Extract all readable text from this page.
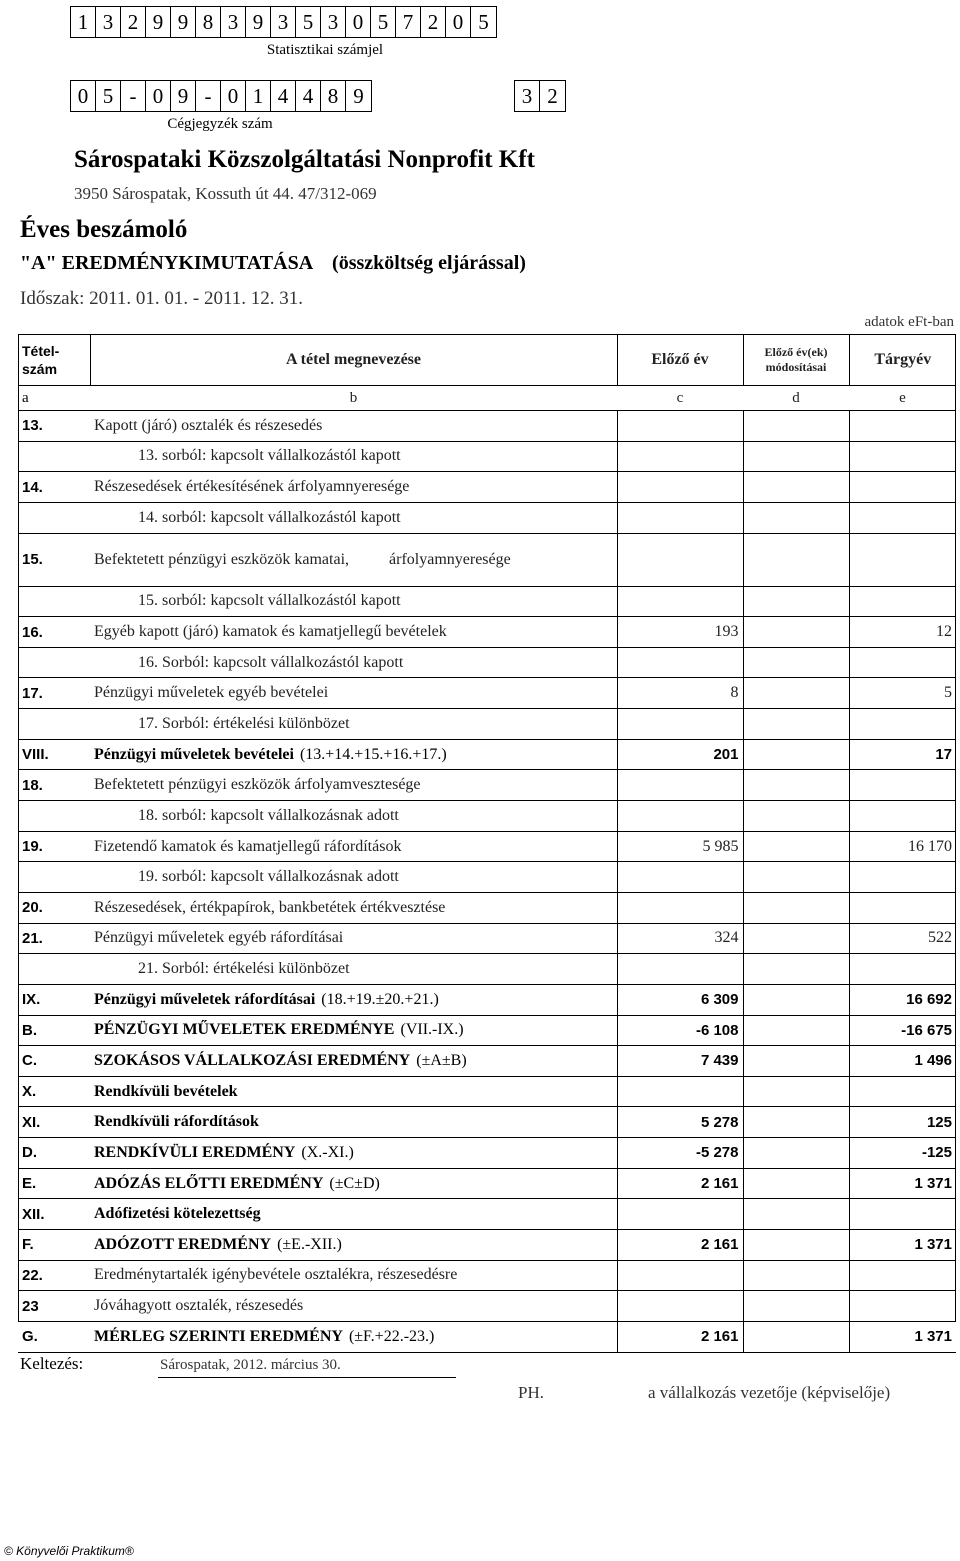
1 3 2 9 9 8 3 9 3 5 3 0 5 7 2 0 5
Statisztikai számjel
0 5 - 0 9 - 0 1 4 4 8 9	3 2
Cégjegyzék szám
Sárospataki Közszolgáltatási Nonprofit Kft
3950 Sárospatak, Kossuth út 44. 47/312-069
Éves beszámoló
"A" EREDMÉNYKIMUTATÁSA (összköltség eljárással)
Időszak: 2011. 01. 01. - 2011. 12. 31.
adatok eFt-ban
Tétel-
szám	A tétel megnevezése	Előző év	Előző év(ek)
módosításai	Tárgyév
a	b	c	d	e
13.	Kapott (járó) osztalék és részesedés			
	13. sorból: kapcsolt vállalkozástól kapott			
14.	Részesedések értékesítésének árfolyamnyeresége			
	14. sorból: kapcsolt vállalkozástól kapott			
15.	Befektetett pénzügyi eszközök kamatai, árfolyamnyeresége			
	15. sorból: kapcsolt vállalkozástól kapott			
16.	Egyéb kapott (járó) kamatok és kamatjellegű bevételek	193		12
	16. Sorból: kapcsolt vállalkozástól kapott			
17.	Pénzügyi műveletek egyéb bevételei	8		5
	17. Sorból: értékelési különbözet			
VIII.	Pénzügyi műveletek bevételei (13.+14.+15.+16.+17.)	201		17
18.	Befektetett pénzügyi eszközök árfolyamvesztesége			
	18. sorból: kapcsolt vállalkozásnak adott			
19.	Fizetendő kamatok és kamatjellegű ráfordítások	5 985		16 170
	19. sorból: kapcsolt vállalkozásnak adott			
20.	Részesedések, értékpapírok, bankbetétek értékvesztése			
21.	Pénzügyi műveletek egyéb ráfordításai	324		522
	21. Sorból: értékelési különbözet			
IX.	Pénzügyi műveletek ráfordításai (18.+19.±20.+21.)	6 309		16 692
B.	PÉNZÜGYI MŰVELETEK EREDMÉNYE (VII.-IX.)	-6 108		-16 675
C.	SZOKÁSOS VÁLLALKOZÁSI EREDMÉNY (±A±B)	7 439		1 496
X.	Rendkívüli bevételek			
XI.	Rendkívüli ráfordítások	5 278		125
D.	RENDKÍVÜLI EREDMÉNY (X.-XI.)	-5 278		-125
E.	ADÓZÁS ELŐTTI EREDMÉNY (±C±D)	2 161		1 371
XII.	Adófizetési kötelezettség			
F.	ADÓZOTT EREDMÉNY (±E.-XII.)	2 161		1 371
22.	Eredménytartalék igénybevétele osztalékra, részesedésre			
23	Jóváhagyott osztalék, részesedés			
G.	MÉRLEG SZERINTI EREDMÉNY (±F.+22.-23.)	2 161		1 371
Keltezés:	Sárospatak, 2012. március 30.
PH.	a vállalkozás vezetője (képviselője)
© Könyvelői Praktikum®
